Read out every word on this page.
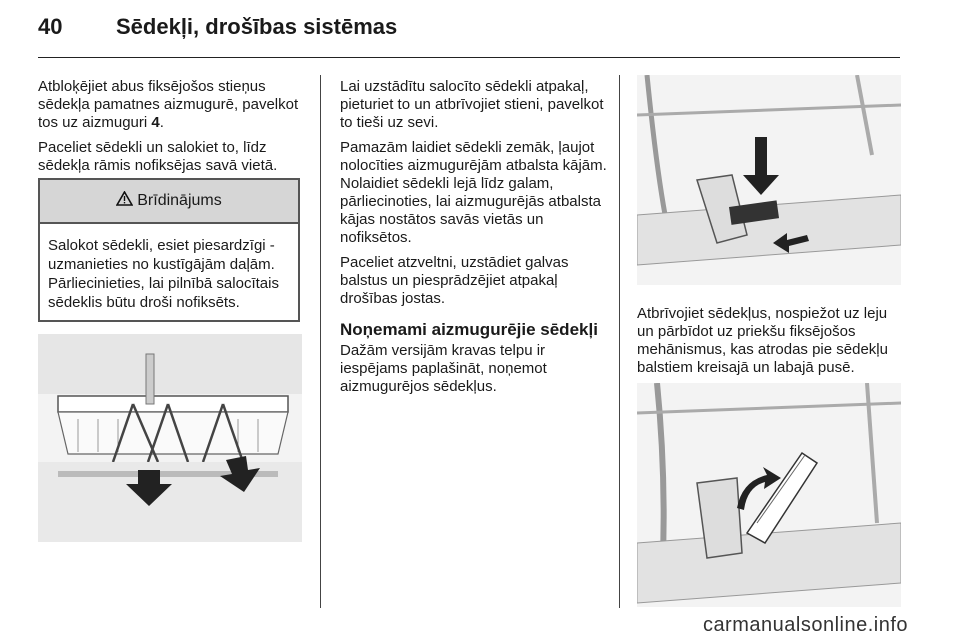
40 Sēdekļi, drošības sistēmas

Atbloķējiet abus fiksējošos stieņus sēdekļa pamatnes aizmugurē, pavelkot tos uz aizmuguri 4.

Paceliet sēdekli un salokiet to, līdz sēdekļa rāmis nofiksējas savā vietā.

Brīdinājums
Salokot sēdekli, esiet piesardzīgi - uzmanieties no kustīgājām daļām. Pārliecinieties, lai pilnībā salocītais sēdeklis būtu droši nofiksēts.

Lai uzstādītu salocīto sēdekli atpakaļ, pieturiet to un atbrīvojiet stieni, pavelkot to tieši uz sevi.

Pamazām laidiet sēdekli zemāk, ļaujot nolocīties aizmugurējām atbalsta kājām. Nolaidiet sēdekli lejā līdz galam, pārliecinoties, lai aizmugurējās atbalsta kājas nostātos savās vietās un nofiksētos.

Paceliet atzveltni, uzstādiet galvas balstus un piesprādzējiet atpakaļ drošības jostas.

Noņemami aizmugurējie sēdekļi

Dažām versijām kravas telpu ir iespējams paplašināt, noņemot aizmugurējos sēdekļus.

Atbrīvojiet sēdekļus, nospiežot uz leju un pārbīdot uz priekšu fiksējošos mehānismus, kas atrodas pie sēdekļu balstiem kreisajā un labajā pusē.

carmanualsonline.info
